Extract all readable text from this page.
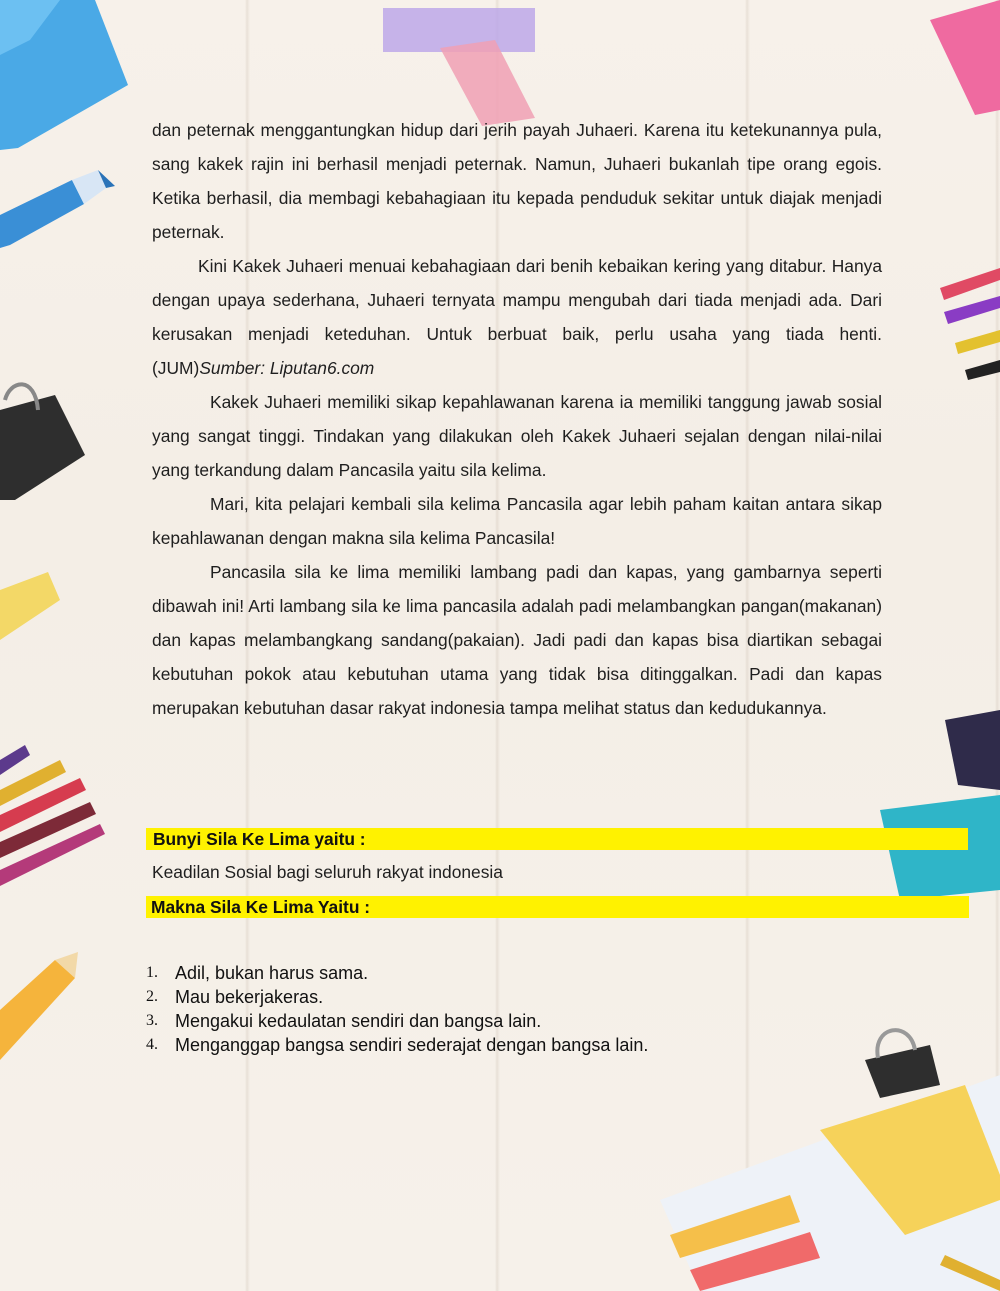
dan peternak menggantungkan hidup dari jerih payah Juhaeri. Karena itu ketekunannya pula, sang kakek rajin ini berhasil menjadi peternak. Namun, Juhaeri bukanlah tipe orang egois. Ketika berhasil, dia membagi kebahagiaan itu kepada penduduk sekitar untuk diajak menjadi peternak.

Kini Kakek Juhaeri menuai kebahagiaan dari benih kebaikan kering yang ditabur. Hanya dengan upaya sederhana, Juhaeri ternyata mampu mengubah dari tiada menjadi ada. Dari kerusakan menjadi keteduhan. Untuk berbuat baik, perlu usaha yang tiada henti.(JUM)Sumber: Liputan6.com

Kakek Juhaeri memiliki sikap kepahlawanan karena ia memiliki tanggung jawab sosial yang sangat tinggi. Tindakan yang dilakukan oleh Kakek Juhaeri sejalan dengan nilai-nilai yang terkandung dalam Pancasila yaitu sila kelima.

Mari, kita pelajari kembali sila kelima Pancasila agar lebih paham kaitan antara sikap kepahlawanan dengan makna sila kelima Pancasila!

Pancasila sila ke lima memiliki lambang padi dan kapas, yang gambarnya seperti dibawah ini! Arti lambang sila ke lima pancasila adalah padi melambangkan pangan(makanan) dan kapas melambangkang sandang(pakaian). Jadi padi dan kapas bisa diartikan sebagai kebutuhan pokok atau kebutuhan utama yang tidak bisa ditinggalkan. Padi dan kapas merupakan kebutuhan dasar rakyat indonesia tampa melihat status dan kedudukannya.

Bunyi Sila Ke Lima yaitu :
Keadilan Sosial bagi seluruh rakyat indonesia
Makna Sila Ke Lima Yaitu :
1. Adil, bukan harus sama.
2. Mau bekerjakeras.
3. Mengakui kedaulatan sendiri dan bangsa lain.
4. Menganggap bangsa sendiri sederajat dengan bangsa lain.
